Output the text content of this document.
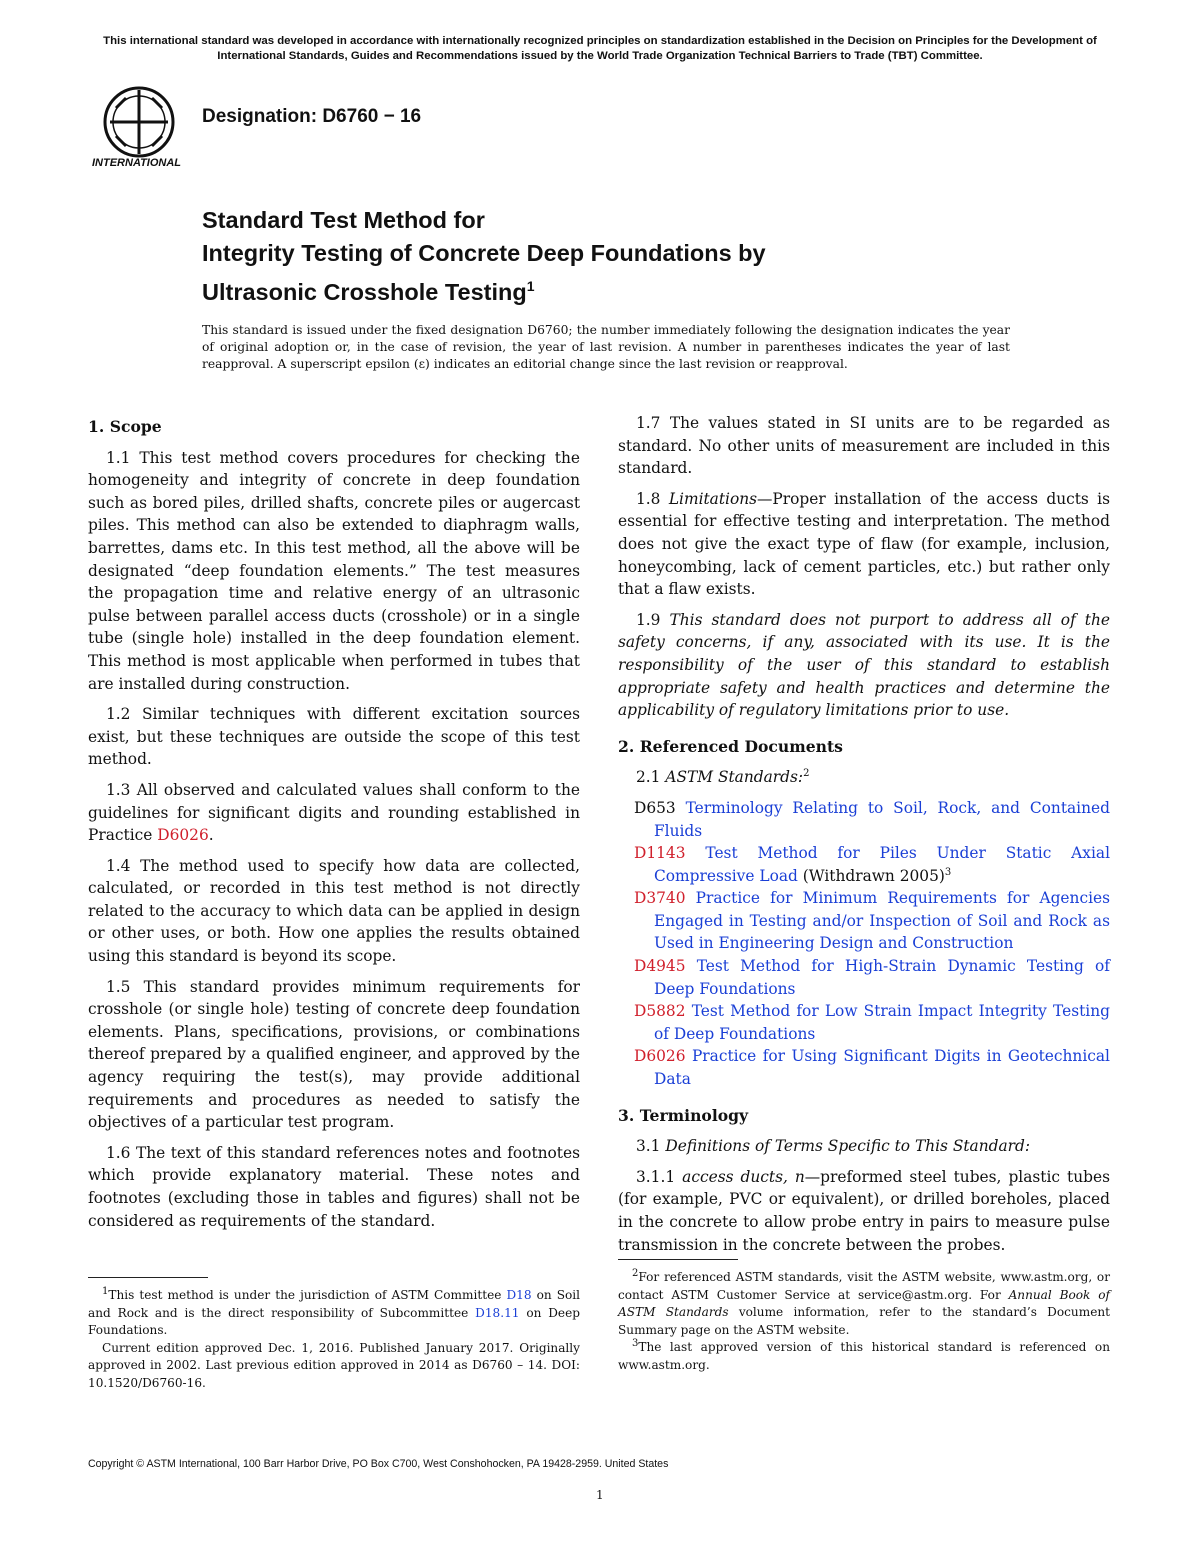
This international standard was developed in accordance with internationally recognized principles on standardization established in the Decision on Principles for the Development of International Standards, Guides and Recommendations issued by the World Trade Organization Technical Barriers to Trade (TBT) Committee.
INTERNATIONAL
Designation: D6760 − 16
Standard Test Method for
Integrity Testing of Concrete Deep Foundations by
Ultrasonic Crosshole Testing$^1$
This standard is issued under the fixed designation D6760; the number immediately following the designation indicates the year of original adoption or, in the case of revision, the year of last revision. A number in parentheses indicates the year of last reapproval. A superscript epsilon (ε) indicates an editorial change since the last revision or reapproval.
1. Scope

1.1 This test method covers procedures for checking the homogeneity and integrity of concrete in deep foundation such as bored piles, drilled shafts, concrete piles or augercast piles. This method can also be extended to diaphragm walls, barrettes, dams etc. In this test method, all the above will be designated “deep foundation elements.” The test measures the propagation time and relative energy of an ultrasonic pulse between parallel access ducts (crosshole) or in a single tube (single hole) installed in the deep foundation element. This method is most applicable when performed in tubes that are installed during construction.

1.2 Similar techniques with different excitation sources exist, but these techniques are outside the scope of this test method.

1.3 All observed and calculated values shall conform to the guidelines for significant digits and rounding established in Practice D6026.

1.4 The method used to specify how data are collected, calculated, or recorded in this test method is not directly related to the accuracy to which data can be applied in design or other uses, or both. How one applies the results obtained using this standard is beyond its scope.

1.5 This standard provides minimum requirements for crosshole (or single hole) testing of concrete deep foundation elements. Plans, specifications, provisions, or combinations thereof prepared by a qualified engineer, and approved by the agency requiring the test(s), may provide additional requirements and procedures as needed to satisfy the objectives of a particular test program.

1.6 The text of this standard references notes and footnotes which provide explanatory material. These notes and footnotes (excluding those in tables and figures) shall not be considered as requirements of the standard.

1.7 The values stated in SI units are to be regarded as standard. No other units of measurement are included in this standard.

1.8 Limitations—Proper installation of the access ducts is essential for effective testing and interpretation. The method does not give the exact type of flaw (for example, inclusion, honeycombing, lack of cement particles, etc.) but rather only that a flaw exists.

1.9 This standard does not purport to address all of the safety concerns, if any, associated with its use. It is the responsibility of the user of this standard to establish appropriate safety and health practices and determine the applicability of regulatory limitations prior to use.

2. Referenced Documents

2.1 ASTM Standards:$^2$

D653 Terminology Relating to Soil, Rock, and Contained Fluids

D1143 Test Method for Piles Under Static Axial Compressive Load (Withdrawn 2005)$^3$

D3740 Practice for Minimum Requirements for Agencies Engaged in Testing and/or Inspection of Soil and Rock as Used in Engineering Design and Construction

D4945 Test Method for High-Strain Dynamic Testing of Deep Foundations

D5882 Test Method for Low Strain Impact Integrity Testing of Deep Foundations

D6026 Practice for Using Significant Digits in Geotechnical Data

3. Terminology

3.1 Definitions of Terms Specific to This Standard:

3.1.1 access ducts, n—preformed steel tubes, plastic tubes (for example, PVC or equivalent), or drilled boreholes, placed in the concrete to allow probe entry in pairs to measure pulse transmission in the concrete between the probes.

$^1$This test method is under the jurisdiction of ASTM Committee D18 on Soil and Rock and is the direct responsibility of Subcommittee D18.11 on Deep Foundations.

Current edition approved Dec. 1, 2016. Published January 2017. Originally approved in 2002. Last previous edition approved in 2014 as D6760 – 14. DOI: 10.1520/D6760-16.

$^2$For referenced ASTM standards, visit the ASTM website, www.astm.org, or contact ASTM Customer Service at service@astm.org. For Annual Book of ASTM Standards volume information, refer to the standard’s Document Summary page on the ASTM website.

$^3$The last approved version of this historical standard is referenced on www.astm.org.

Copyright © ASTM International, 100 Barr Harbor Drive, PO Box C700, West Conshohocken, PA 19428-2959. United States
1
